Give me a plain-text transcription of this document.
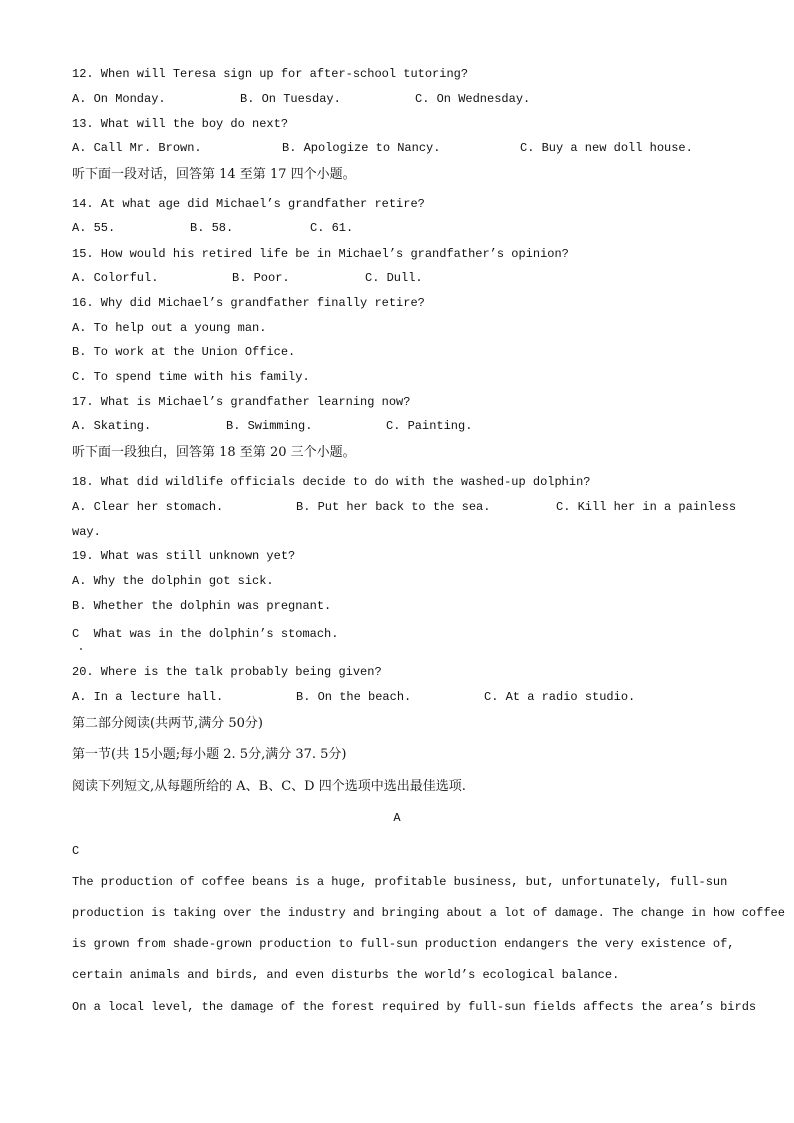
12. When will Teresa sign up for after-school tutoring?
A. On Monday.	B. On Tuesday.	C. On Wednesday.
13. What will the boy do next?
A. Call Mr. Brown.	B. Apologize to Nancy.	C. Buy a new doll house.
听下面一段对话，回答第 14 至第 17 四个小题。
14. At what age did Michael’s grandfather retire?
A. 55.	B. 58.	C. 61.
15. How would his retired life be in Michael’s grandfather’s opinion?
A. Colorful.	B. Poor.	C. Dull.
16. Why did Michael’s grandfather finally retire?
A. To help out a young man.
B. To work at the Union Office.
C. To spend time with his family.
17. What is Michael’s grandfather learning now?
A. Skating.	B. Swimming.	C. Painting.
听下面一段独白，回答第 18 至第 20 三个小题。
18. What did wildlife officials decide to do with the washed-up dolphin?
A. Clear her stomach.	B. Put her back to the sea.	C. Kill her in a painless
way.
19. What was still unknown yet?
A. Why the dolphin got sick.
B. Whether the dolphin was pregnant.
C  What was in the dolphin’s stomach.
20. Where is the talk probably being given?
A. In a lecture hall.	B. On the beach.	C. At a radio studio.
第二部分阅读(共两节,满分 50分)
第一节(共 15小题;每小题 2. 5分,满分 37. 5分)
阅读下列短文,从每题所给的 A、B、C、D 四个选项中选出最佳选项.
A
C
The production of coffee beans is a huge, profitable business, but, unfortunately, full-sun
production is taking over the industry and bringing about a lot of damage. The change in how coffee
is grown from shade-grown production to full-sun production endangers the very existence of,
certain animals and birds, and even disturbs the world’s ecological balance.
On a local level, the damage of the forest required by full-sun fields affects the area’s birds
